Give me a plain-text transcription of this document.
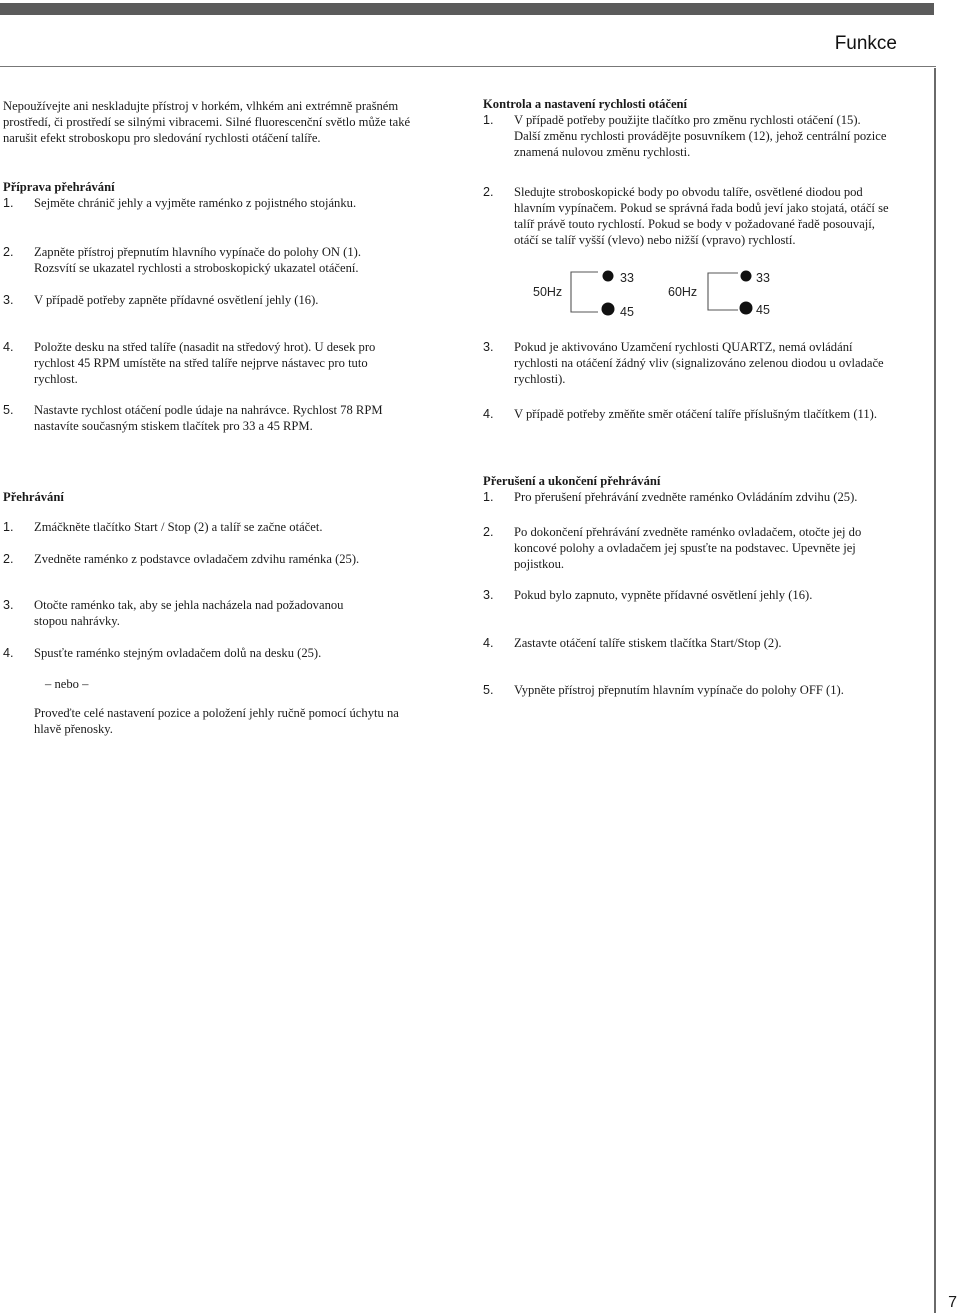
Funkce

Nepoužívejte ani neskladujte přístroj v horkém, vlhkém ani extrémně prašném
prostředí, či prostředí se silnými vibracemi. Silné fluorescenční světlo může také
narušit efekt stroboskopu pro sledování rychlosti otáčení talíře.

Příprava přehrávání

1.	Sejměte chránič jehly a vyjměte raménko z pojistného stojánku.
2.	Zapněte přístroj přepnutím hlavního vypínače do polohy ON (1).
Rozsvítí se ukazatel rychlosti a stroboskopický ukazatel otáčení.
3.	V případě potřeby zapněte přídavné osvětlení jehly (16).
4.	Položte desku na střed talíře (nasadit na středový hrot). U desek pro
rychlost 45 RPM umístěte na střed talíře nejprve nástavec pro tuto
rychlost.
5.	Nastavte rychlost otáčení podle údaje na nahrávce. Rychlost 78 RPM
nastavíte současným stiskem tlačítek pro 33 a 45 RPM.

Kontrola a nastavení rychlosti otáčení

1.	V případě potřeby použijte tlačítko pro změnu rychlosti otáčení (15).
Další změnu rychlosti provádějte posuvníkem (12), jehož centrální pozice
znamená nulovou změnu rychlosti.
2.	Sledujte stroboskopické body po obvodu talíře, osvětlené diodou pod
hlavním vypínačem. Pokud se správná řada bodů jeví jako stojatá, otáčí se
talíř právě touto rychlostí. Pokud se body v požadované řadě posouvají,
otáčí se talíř vyšší (vlevo) nebo nižší (vpravo) rychlostí.
50Hz
33
45
60Hz
33
45
3.	Pokud je aktivováno Uzamčení rychlosti QUARTZ, nemá ovládání
rychlosti na otáčení žádný vliv (signalizováno zelenou diodou u ovladače
rychlosti).
4.	V případě potřeby změňte směr otáčení talíře příslušným tlačítkem (11).

Přehrávání

1.	Zmáčkněte tlačítko Start / Stop (2) a talíř se začne otáčet.
2.	Zvedněte raménko z podstavce ovladačem zdvihu raménka (25).
3.	Otočte raménko tak, aby se jehla nacházela nad požadovanou
stopou nahrávky.
4.	Spusťte raménko stejným ovladačem dolů na desku (25).
– nebo –
Proveďte celé nastavení pozice a položení jehly ručně pomocí úchytu na
hlavě přenosky.

Přerušení a ukončení přehrávání

1.	Pro přerušení přehrávání zvedněte raménko Ovládáním zdvihu (25).
2.	Po dokončení přehrávání zvedněte raménko ovladačem, otočte jej do
koncové polohy a ovladačem jej spusťte na podstavec. Upevněte jej
pojistkou.
3.	Pokud bylo zapnuto, vypněte přídavné osvětlení jehly (16).
4.	Zastavte otáčení talíře stiskem tlačítka Start/Stop (2).
5.	Vypněte přístroj přepnutím hlavním vypínače do polohy OFF (1).
7
